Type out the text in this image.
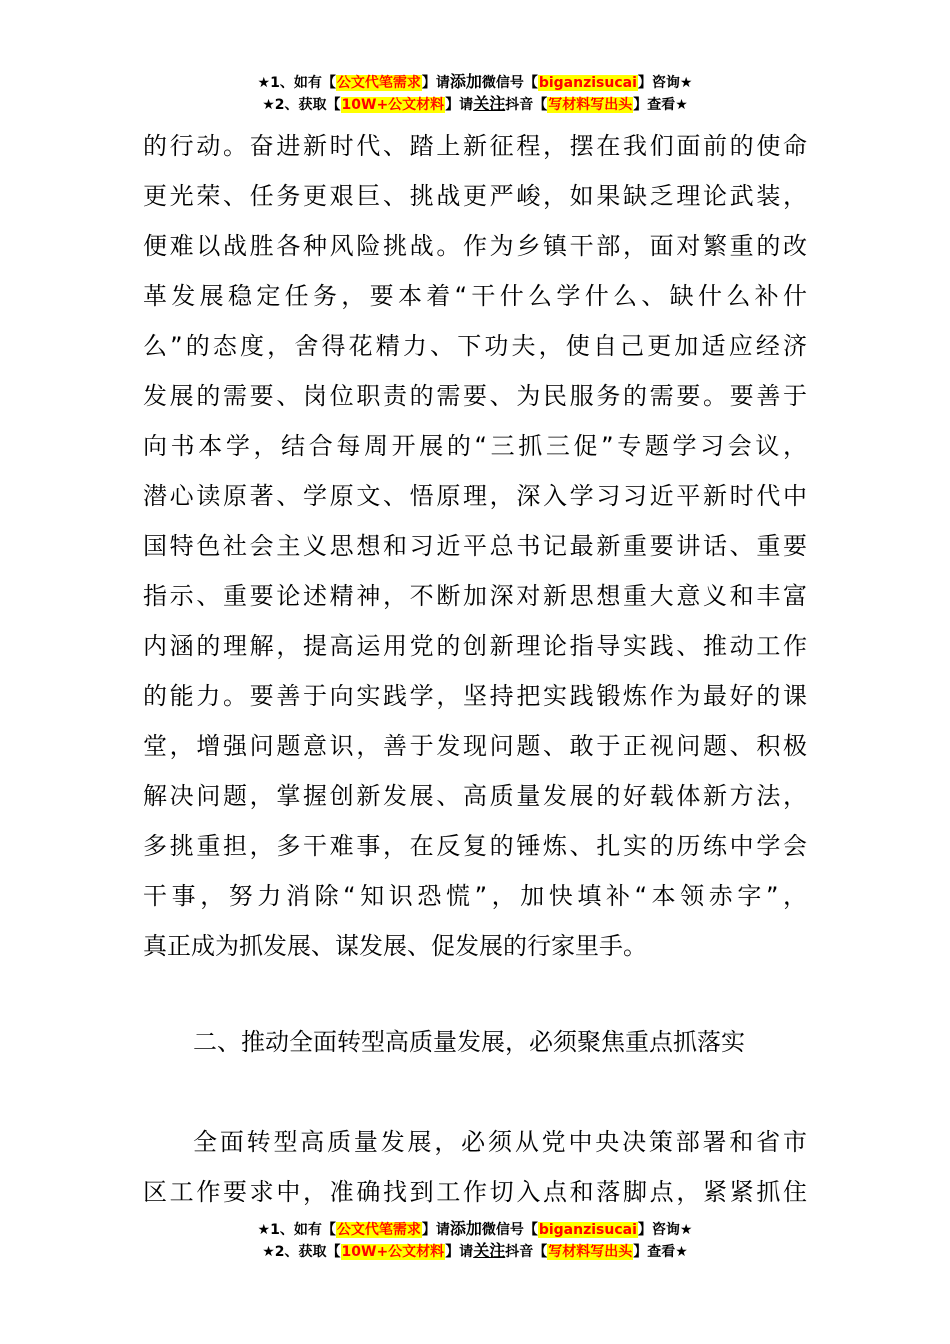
★1、如有【公文代笔需求】请添加微信号【biganzisucai】咨询★
★2、获取【10W+公文材料】请关注抖音【写材料写出头】查看★
的行动。奋进新时代、踏上新征程，摆在我们面前的使命
更光荣、任务更艰巨、挑战更严峻，如果缺乏理论武装，
便难以战胜各种风险挑战。作为乡镇干部，面对繁重的改
革发展稳定任务，要本着“干什么学什么、缺什么补什
么”的态度，舍得花精力、下功夫，使自己更加适应经济
发展的需要、岗位职责的需要、为民服务的需要。要善于
向书本学，结合每周开展的“三抓三促”专题学习会议，
潜心读原著、学原文、悟原理，深入学习习近平新时代中
国特色社会主义思想和习近平总书记最新重要讲话、重要
指示、重要论述精神，不断加深对新思想重大意义和丰富
内涵的理解，提高运用党的创新理论指导实践、推动工作
的能力。要善于向实践学，坚持把实践锻炼作为最好的课
堂，增强问题意识，善于发现问题、敢于正视问题、积极
解决问题，掌握创新发展、高质量发展的好载体新方法，
多挑重担，多干难事，在反复的锤炼、扎实的历练中学会
干事，努力消除“知识恐慌”，加快填补“本领赤字”，
真正成为抓发展、谋发展、促发展的行家里手。
二、推动全面转型高质量发展，必须聚焦重点抓落实
全面转型高质量发展，必须从党中央决策部署和省市
区工作要求中，准确找到工作切入点和落脚点，紧紧抓住
★1、如有【公文代笔需求】请添加微信号【biganzisucai】咨询★
★2、获取【10W+公文材料】请关注抖音【写材料写出头】查看★
